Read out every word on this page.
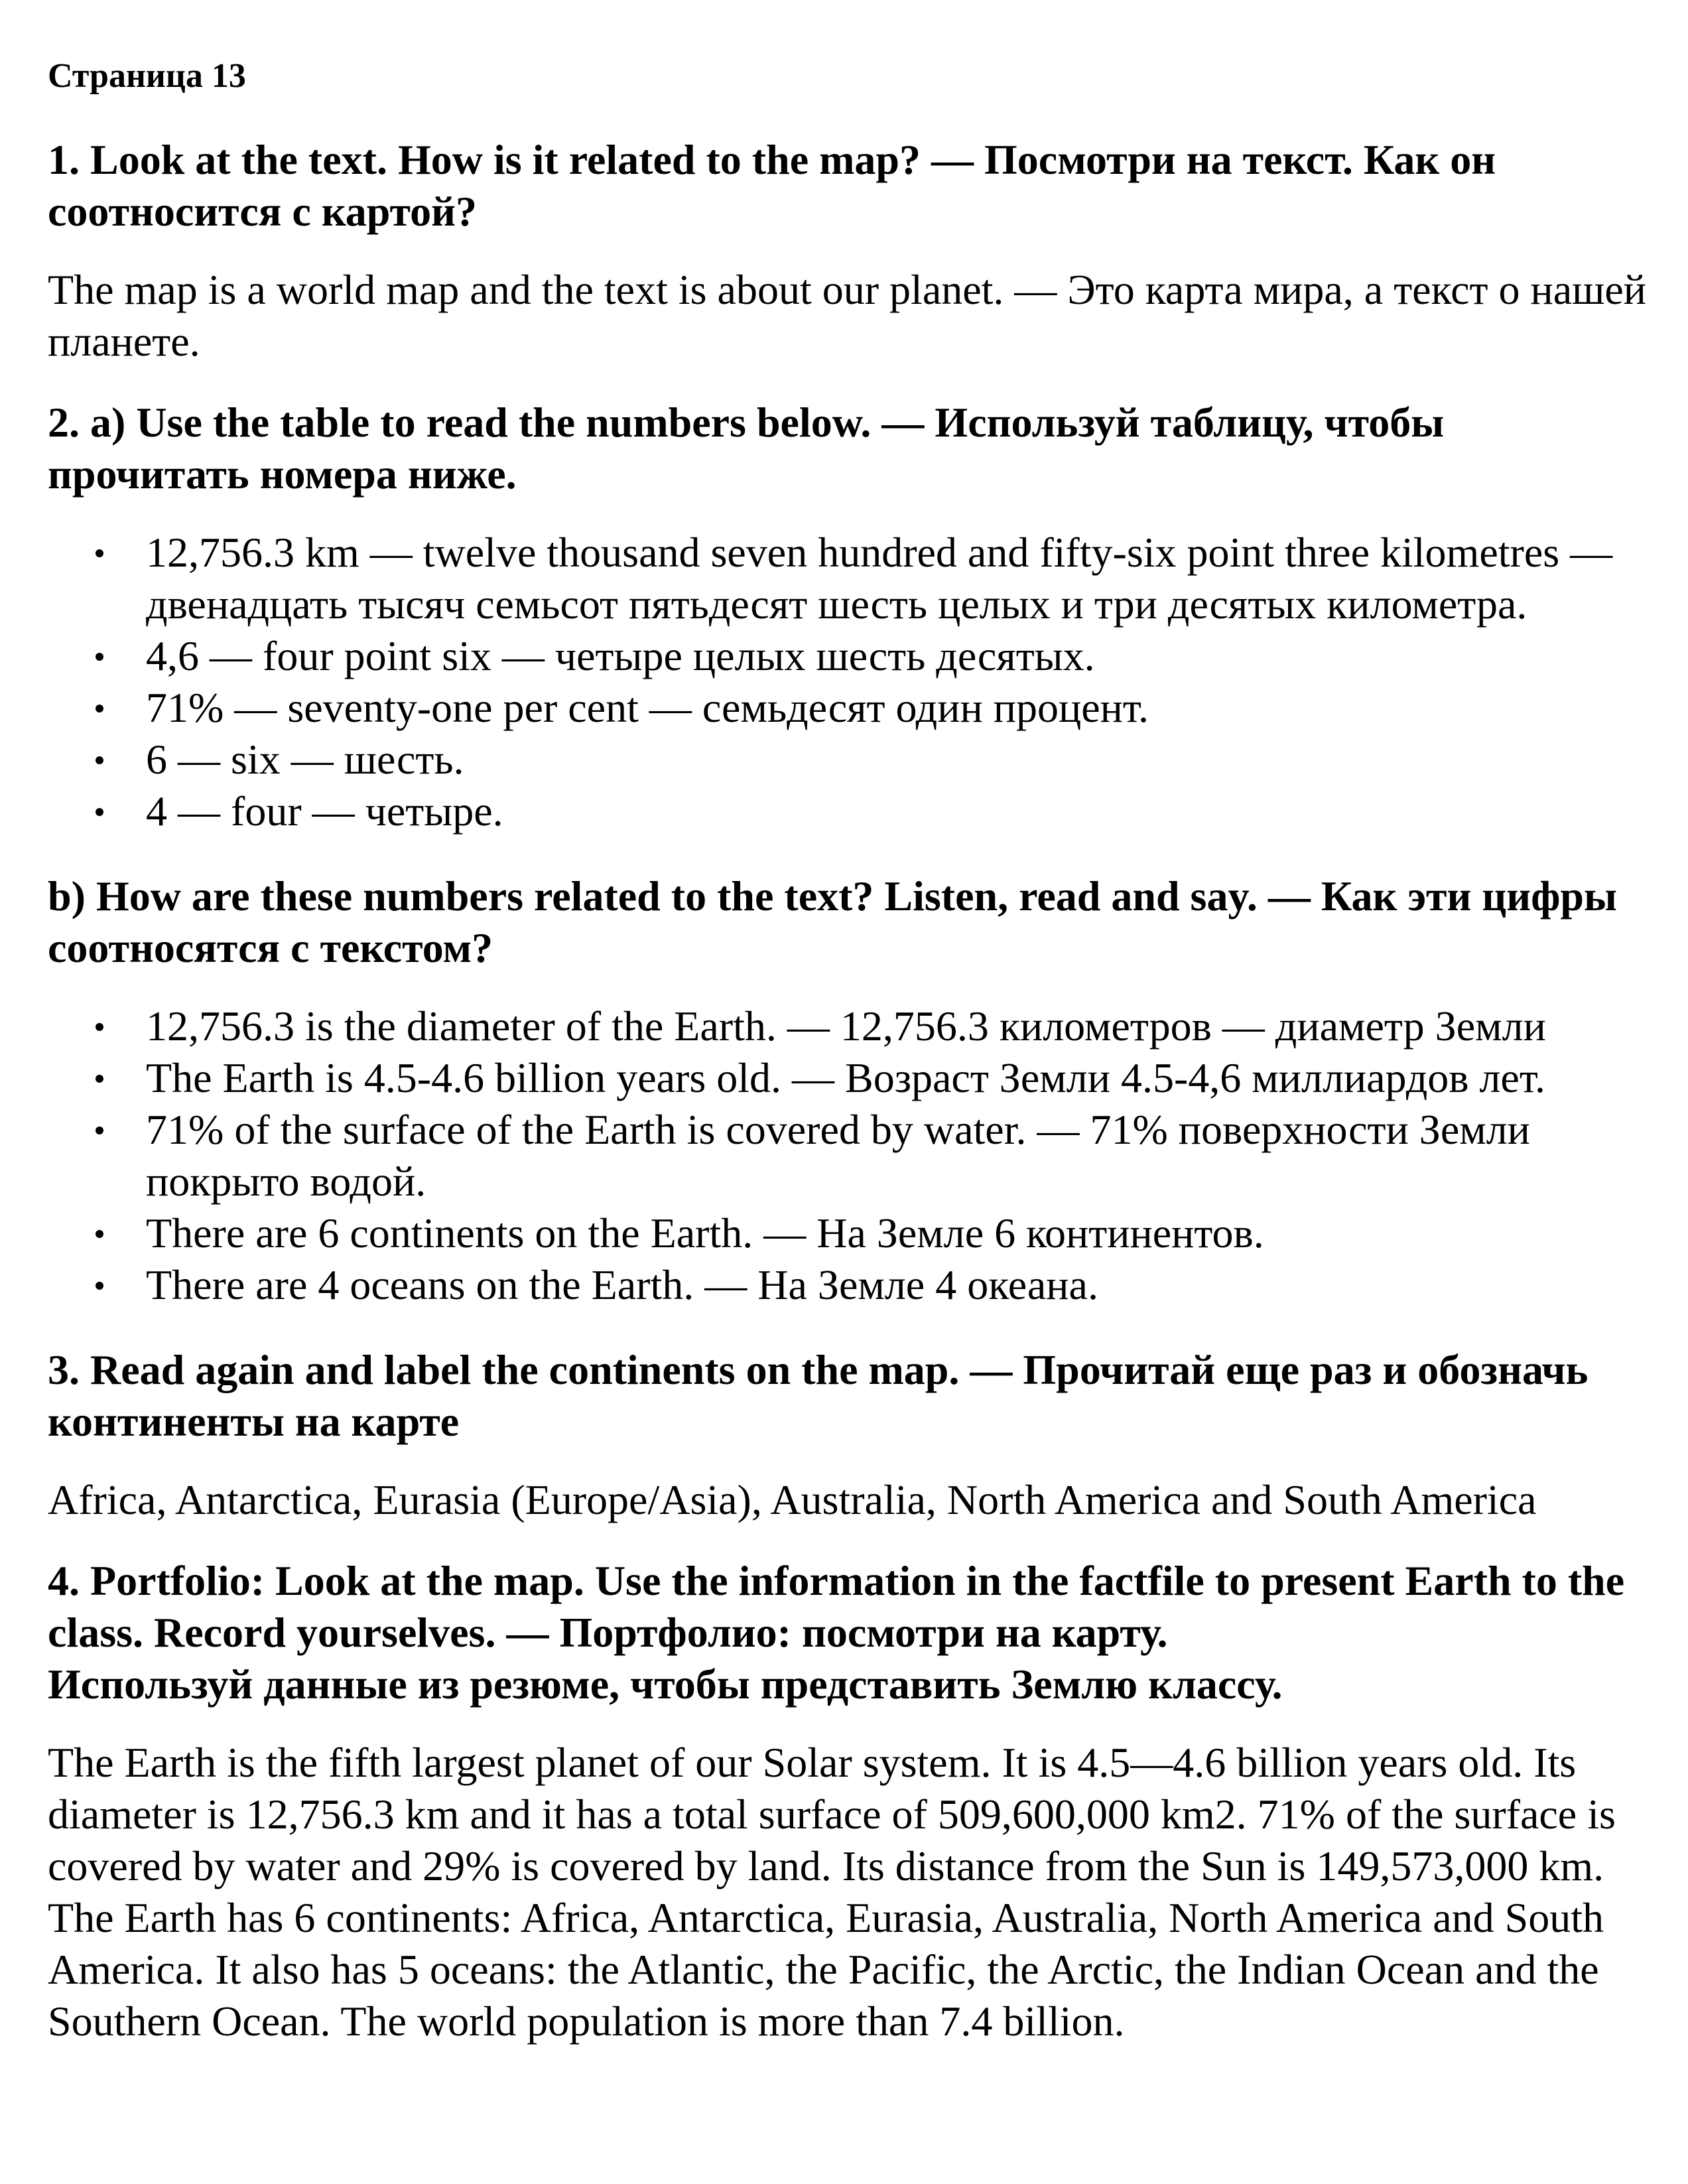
Страница 13
1. Look at the text. How is it related to the map? — Посмотри на текст. Как он соотносится с картой?
The map is a world map and the text is about our planet. — Это карта мира, а текст о нашей планете.
2. a) Use the table to read the numbers below. — Используй таблицу, чтобы прочитать номера ниже.
12,756.3 km — twelve thousand seven hundred and fifty-six point three kilometres — двенадцать тысяч семьсот пятьдесят шесть целых и три десятых километра.
4,6 — four point six — четыре целых шесть десятых.
71% — seventy-one per cent — семьдесят один процент.
6 — six — шесть.
4 — four — четыре.
b) How are these numbers related to the text? Listen, read and say. — Как эти цифры соотносятся с текстом?
12,756.3 is the diameter of the Earth. — 12,756.3 километров — диаметр Земли
The Earth is 4.5-4.6 billion years old. — Возраст Земли 4.5-4,6 миллиардов лет.
71% of the surface of the Earth is covered by water. — 71% поверхности Земли покрыто водой.
There are 6 continents on the Earth. — На Земле 6 континентов.
There are 4 oceans on the Earth. — На Земле 4 океана.
3. Read again and label the continents on the map. — Прочитай еще раз и обозначь континенты на карте
Africa, Antarctica, Eurasia (Europe/Asia), Australia, North America and South America
4. Portfolio: Look at the map. Use the information in the factfile to present Earth to the class. Record yourselves. — Портфолио: посмотри на карту.
Используй данные из резюме, чтобы представить Землю классу.
The Earth is the fifth largest planet of our Solar system. It is 4.5—4.6 billion years old. Its diameter is 12,756.3 km and it has a total surface of 509,600,000 km2. 71% of the surface is covered by water and 29% is covered by land. Its distance from the Sun is 149,573,000 km. The Earth has 6 continents: Africa, Antarctica, Eurasia, Australia, North America and South America. It also has 5 oceans: the Atlantic, the Pacific, the Arctic, the Indian Ocean and the Southern Ocean. The world population is more than 7.4 billion.
